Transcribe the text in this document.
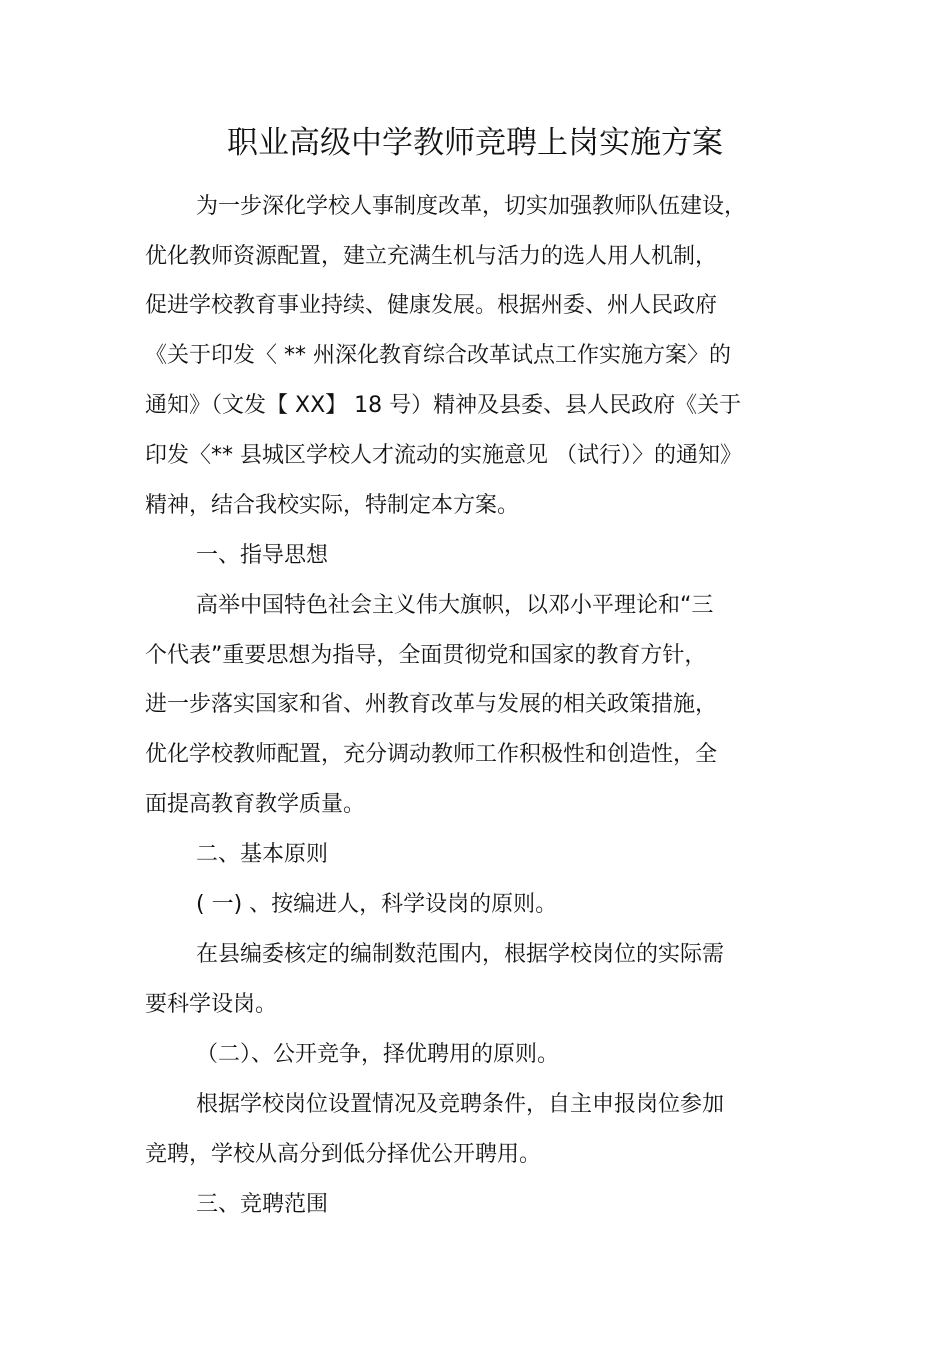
职业高级中学教师竞聘上岗实施方案
为一步深化学校人事制度改革，切实加强教师队伍建设，
优化教师资源配置，建立充满生机与活力的选人用人机制，
促进学校教育事业持续、健康发展。根据州委、州人民政府
《关于印发〈 ** 州深化教育综合改革试点工作实施方案〉的
通知》（文发【 XX】 18 号）精神及县委、县人民政府《关于
印发〈** 县城区学校人才流动的实施意见 （试行）〉的通知》
精神，结合我校实际，特制定本方案。
一、指导思想
高举中国特色社会主义伟大旗帜，以邓小平理论和“三
个代表”重要思想为指导，全面贯彻党和国家的教育方针，
进一步落实国家和省、州教育改革与发展的相关政策措施，
优化学校教师配置，充分调动教师工作积极性和创造性，全
面提高教育教学质量。
二、基本原则
( 一) 、按编进人，科学设岗的原则。
在县编委核定的编制数范围内，根据学校岗位的实际需
要科学设岗。
（二）、公开竞争，择优聘用的原则。
根据学校岗位设置情况及竞聘条件，自主申报岗位参加
竞聘，学校从高分到低分择优公开聘用。
三、竞聘范围
